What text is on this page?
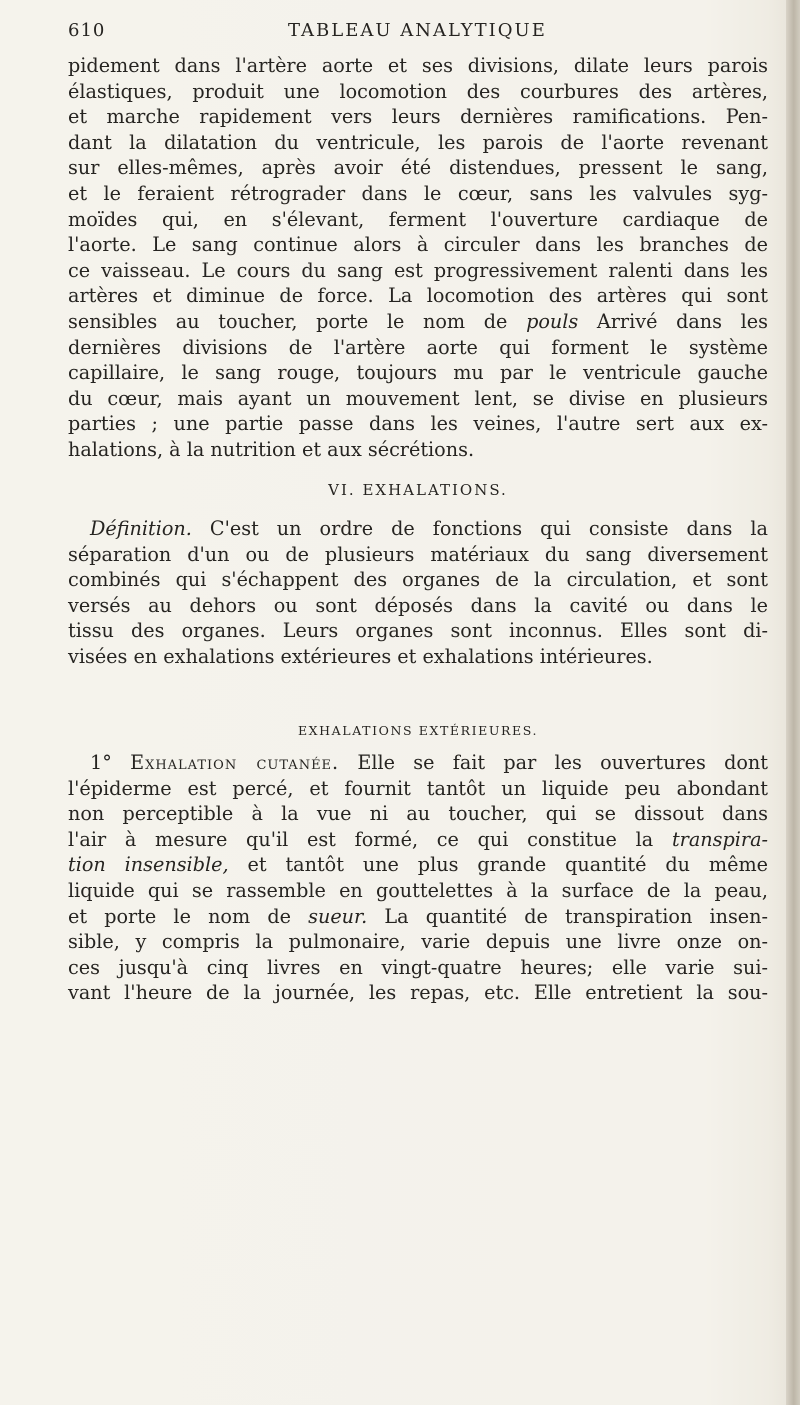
610	TABLEAU ANALYTIQUE
pidement dans l'artère aorte et ses divisions, dilate leurs parois
élastiques, produit une locomotion des courbures des artères,
et marche rapidement vers leurs dernières ramifications. Pen-
dant la dilatation du ventricule, les parois de l'aorte revenant
sur elles-mêmes, après avoir été distendues, pressent le sang,
et le feraient rétrograder dans le cœur, sans les valvules syg-
moïdes qui, en s'élevant, ferment l'ouverture cardiaque de
l'aorte. Le sang continue alors à circuler dans les branches de
ce vaisseau. Le cours du sang est progressivement ralenti dans les
artères et diminue de force. La locomotion des artères qui sont
sensibles au toucher, porte le nom de pouls Arrivé dans les
dernières divisions de l'artère aorte qui forment le système
capillaire, le sang rouge, toujours mu par le ventricule gauche
du cœur, mais ayant un mouvement lent, se divise en plusieurs
parties ; une partie passe dans les veines, l'autre sert aux ex-
halations, à la nutrition et aux sécrétions.
VI. EXHALATIONS.
Définition. C'est un ordre de fonctions qui consiste dans la
séparation d'un ou de plusieurs matériaux du sang diversement
combinés qui s'échappent des organes de la circulation, et sont
versés au dehors ou sont déposés dans la cavité ou dans le
tissu des organes. Leurs organes sont inconnus. Elles sont di-
visées en exhalations extérieures et exhalations intérieures.
EXHALATIONS EXTÉRIEURES.
1° Exhalation cutanée. Elle se fait par les ouvertures dont
l'épiderme est percé, et fournit tantôt un liquide peu abondant
non perceptible à la vue ni au toucher, qui se dissout dans
l'air à mesure qu'il est formé, ce qui constitue la transpira-
tion insensible, et tantôt une plus grande quantité du même
liquide qui se rassemble en gouttelettes à la surface de la peau,
et porte le nom de sueur. La quantité de transpiration insen-
sible, y compris la pulmonaire, varie depuis une livre onze on-
ces jusqu'à cinq livres en vingt-quatre heures; elle varie sui-
vant l'heure de la journée, les repas, etc. Elle entretient la sou-
